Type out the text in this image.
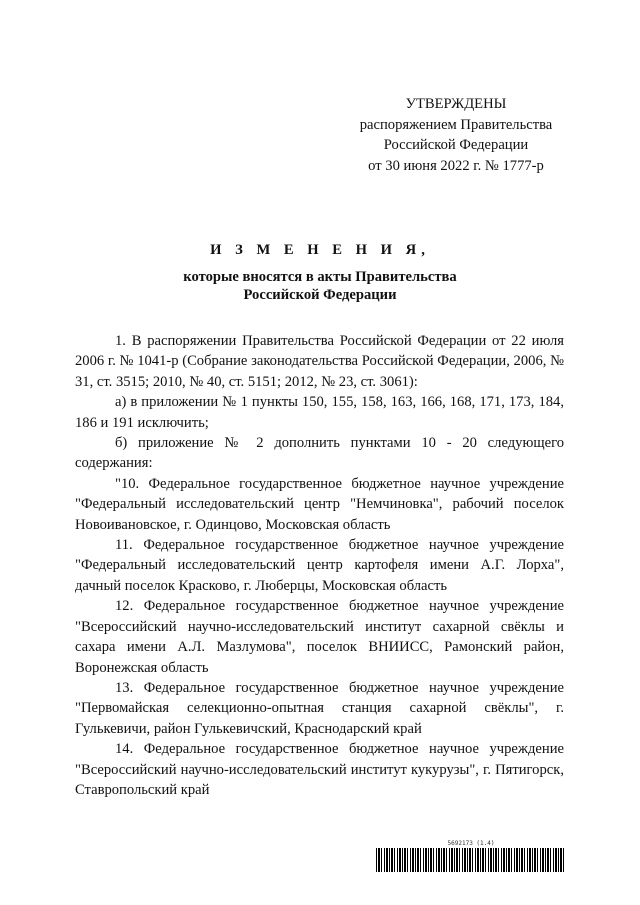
УТВЕРЖДЕНЫ
распоряжением Правительства
Российской Федерации
от 30 июня 2022 г. № 1777-р
И З М Е Н Е Н И Я,
которые вносятся в акты Правительства
Российской Федерации

1. В распоряжении Правительства Российской Федерации от 22 июля 2006 г. № 1041-р (Собрание законодательства Российской Федерации, 2006, № 31, ст. 3515; 2010, № 40, ст. 5151; 2012, № 23, ст. 3061):

а) в приложении № 1 пункты 150, 155, 158, 163, 166, 168, 171, 173, 184, 186 и 191 исключить;

б) приложение № 2 дополнить пунктами 10 - 20 следующего содержания:

"10. Федеральное государственное бюджетное научное учреждение "Федеральный исследовательский центр "Немчиновка", рабочий поселок Новоивановское, г. Одинцово, Московская область

11. Федеральное государственное бюджетное научное учреждение "Федеральный исследовательский центр картофеля имени А.Г. Лорха", дачный поселок Красково, г. Люберцы, Московская область

12. Федеральное государственное бюджетное научное учреждение "Всероссийский научно-исследовательский институт сахарной свёклы и сахара имени А.Л. Мазлумова", поселок ВНИИСС, Рамонский район, Воронежская область

13. Федеральное государственное бюджетное научное учреждение "Первомайская селекционно-опытная станция сахарной свёклы", г. Гулькевичи, район Гулькевичский, Краснодарский край

14. Федеральное государственное бюджетное научное учреждение "Всероссийский научно-исследовательский институт кукурузы", г. Пятигорск, Ставропольский край

5692173 (1.4)
